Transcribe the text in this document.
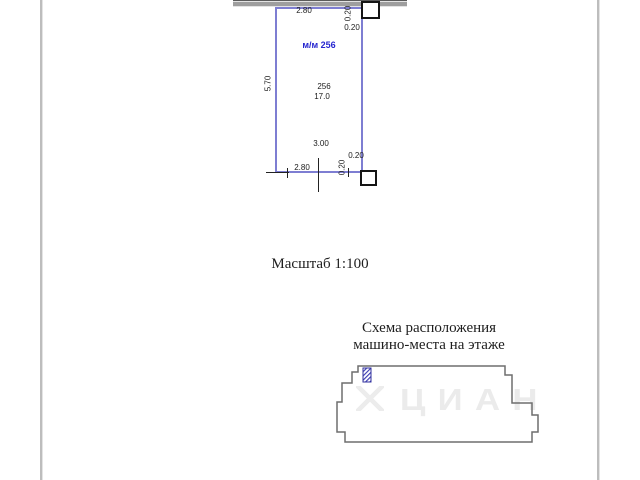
2.80	0.20
0.20
м/м 256
5.70	256
17.0
3.00
0.20
0.20
2.80
Масштаб 1:100
Схема расположения
машино-места на этаже
ЦИАН
